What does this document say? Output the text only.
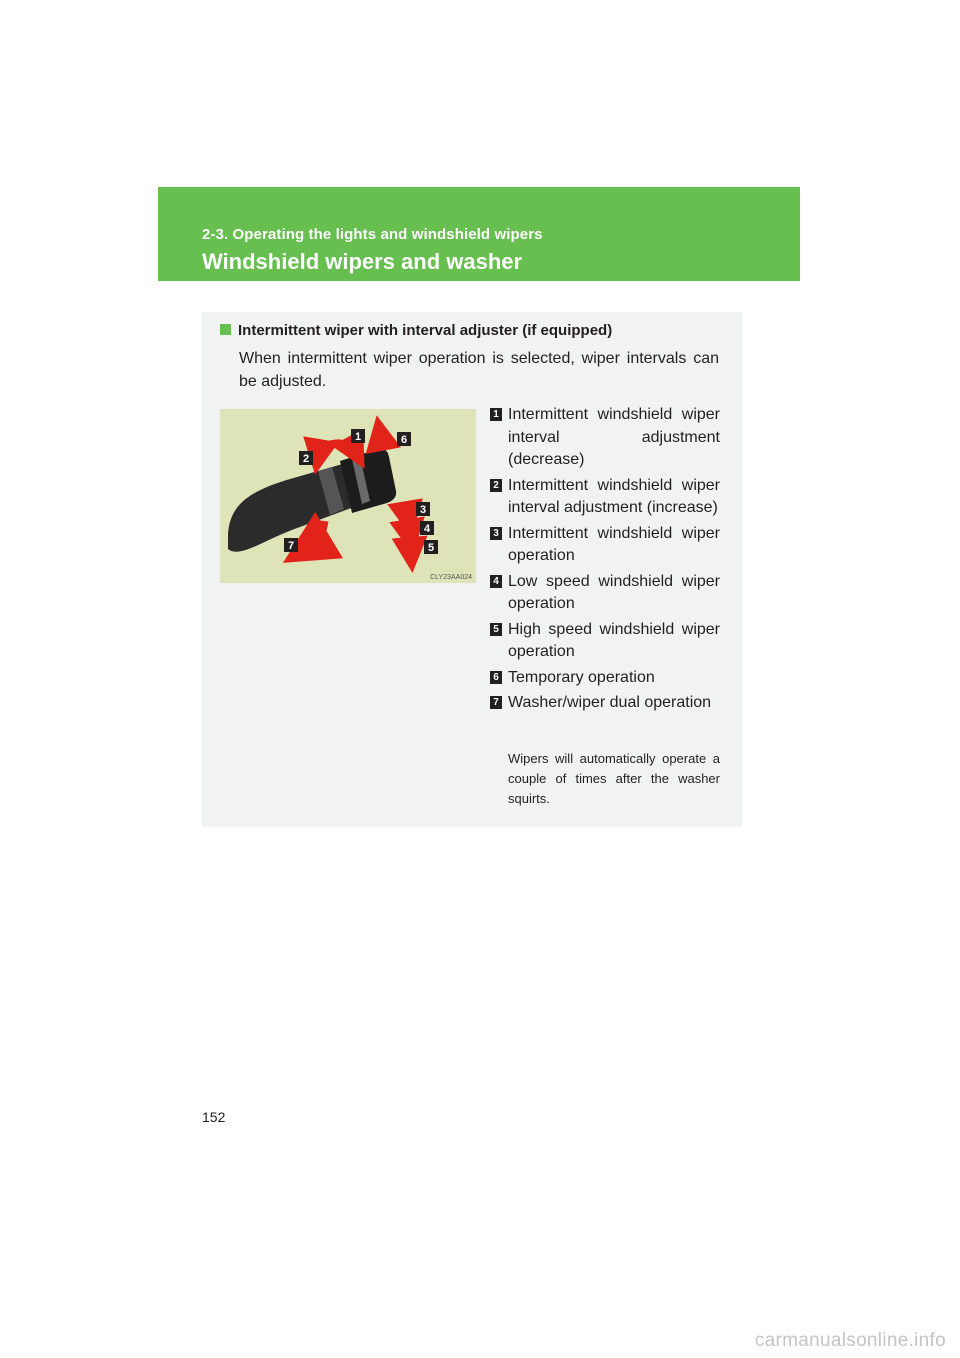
2-3. Operating the lights and windshield wipers
Windshield wipers and washer
Intermittent wiper with interval adjuster (if equipped)
When intermittent wiper operation is selected, wiper intervals can be adjusted.
1
2
3
4
5
6
7
CLY23AA024
1 Intermittent windshield wiper interval adjustment (decrease)
2 Intermittent windshield wiper interval adjustment (increase)
3 Intermittent windshield wiper operation
4 Low speed windshield wiper operation
5 High speed windshield wiper operation
6 Temporary operation
7 Washer/wiper dual operation
Wipers will automatically operate a couple of times after the washer squirts.
152
carmanualsonline.info
